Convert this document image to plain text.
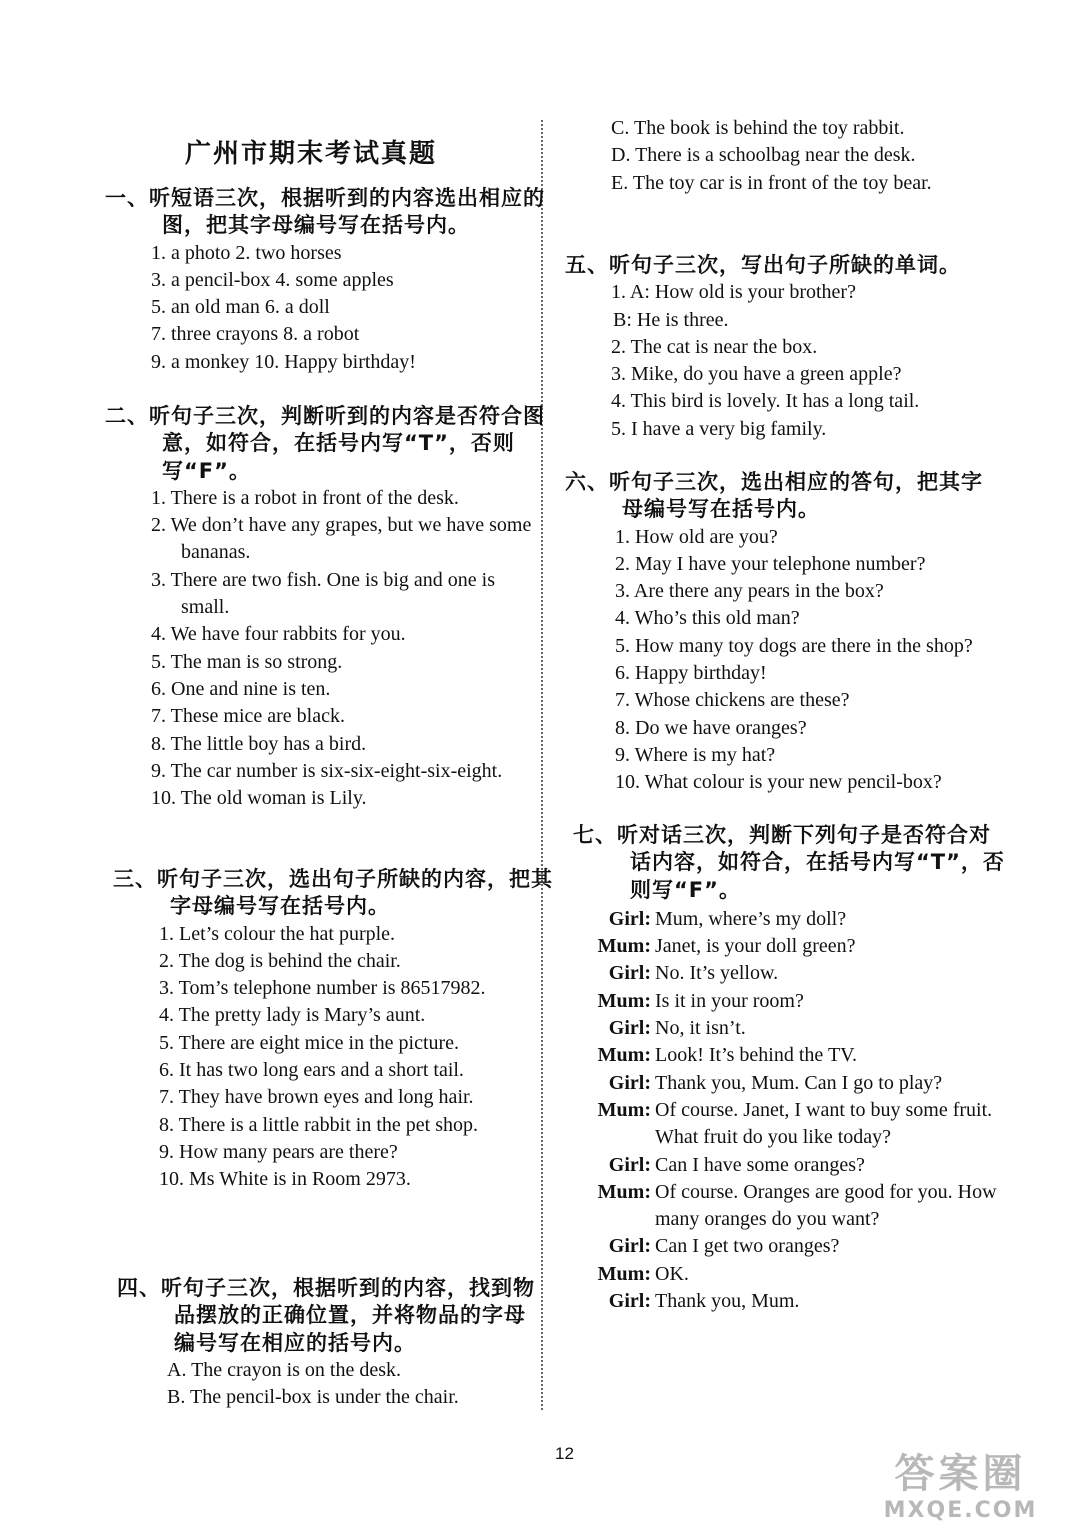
广州市期末考试真题

一、听短语三次，根据听到的内容选出相应的图，把其字母编号写在括号内。

1. a photo 2. two horses
3. a pencil-box 4. some apples
5. an old man 6. a doll
7. three crayons 8. a robot
9. a monkey 10. Happy birthday!

二、听句子三次，判断听到的内容是否符合图意，如符合，在括号内写“T”，否则写“F”。

1. There is a robot in front of the desk.
2. We don’t have any grapes, but we have some bananas.
3. There are two fish. One is big and one is small.
4. We have four rabbits for you.
5. The man is so strong.
6. One and nine is ten.
7. These mice are black.
8. The little boy has a bird.
9. The car number is six-six-eight-six-eight.
10. The old woman is Lily.

三、听句子三次，选出句子所缺的内容，把其字母编号写在括号内。

1. Let’s colour the hat purple.
2. The dog is behind the chair.
3. Tom’s telephone number is 86517982.
4. The pretty lady is Mary’s aunt.
5. There are eight mice in the picture.
6. It has two long ears and a short tail.
7. They have brown eyes and long hair.
8. There is a little rabbit in the pet shop.
9. How many pears are there?
10. Ms White is in Room 2973.

四、听句子三次，根据听到的内容，找到物品摆放的正确位置，并将物品的字母编号写在相应的括号内。

A. The crayon is on the desk.
B. The pencil-box is under the chair.
C. The book is behind the toy rabbit.
D. There is a schoolbag near the desk.
E. The toy car is in front of the toy bear.

五、听句子三次，写出句子所缺的单词。

1. A: How old is your brother?
B: He is three.
2. The cat is near the box.
3. Mike, do you have a green apple?
4. This bird is lovely. It has a long tail.
5. I have a very big family.

六、听句子三次，选出相应的答句，把其字母编号写在括号内。

1. How old are you?
2. May I have your telephone number?
3. Are there any pears in the box?
4. Who’s this old man?
5. How many toy dogs are there in the shop?
6. Happy birthday!
7. Whose chickens are these?
8. Do we have oranges?
9. Where is my hat?
10. What colour is your new pencil-box?

七、听对话三次，判断下列句子是否符合对话内容，如符合，在括号内写“T”，否则写“F”。

Girl: Mum, where’s my doll?
Mum: Janet, is your doll green?
Girl: No. It’s yellow.
Mum: Is it in your room?
Girl: No, it isn’t.
Mum: Look! It’s behind the TV.
Girl: Thank you, Mum. Can I go to play?
Mum: Of course. Janet, I want to buy some fruit. What fruit do you like today?
Girl: Can I have some oranges?
Mum: Of course. Oranges are good for you. How many oranges do you want?
Girl: Can I get two oranges?
Mum: OK.
Girl: Thank you, Mum.
12	答案圈
MXQE.COM
